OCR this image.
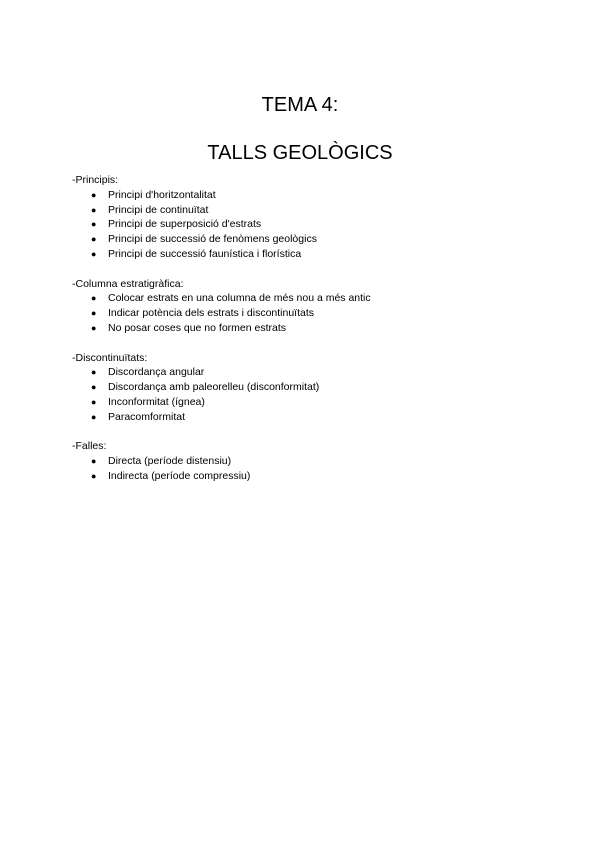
TEMA 4:
TALLS GEOLÒGICS

-Principis:

●	Principi d'horitzontalitat
●	Principi de continuïtat
●	Principi de superposició d'estrats
●	Principi de successió de fenòmens geològics
●	Principi de successió faunística i florística

-Columna estratigràfica:

●	Colocar estrats en una columna de més nou a més antic
●	Indicar potència dels estrats i discontinuïtats
●	No posar coses que no formen estrats

-Discontinuïtats:

●	Discordança angular
●	Discordança amb paleorelleu (disconformitat)
●	Inconformitat (ígnea)
●	Paracomformitat

-Falles:

●	Directa (període distensiu)
●	Indirecta (període compressiu)
